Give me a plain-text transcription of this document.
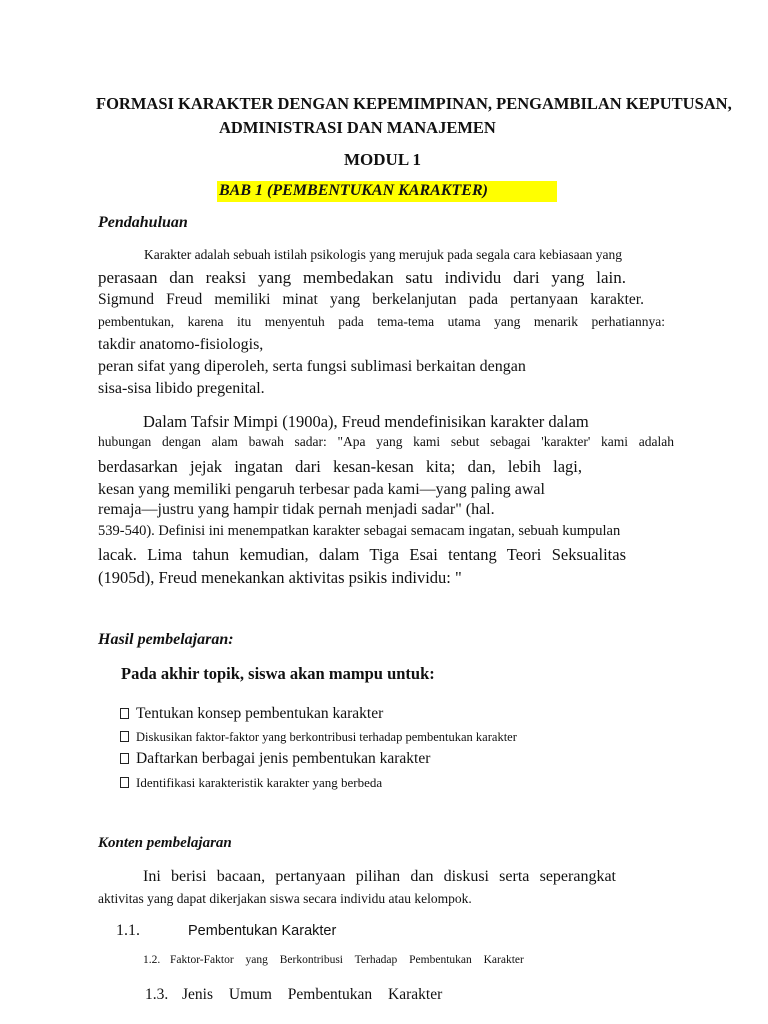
FORMASI KARAKTER DENGAN KEPEMIMPINAN, PENGAMBILAN KEPUTUSAN,
ADMINISTRASI DAN MANAJEMEN
MODUL 1
BAB 1 (PEMBENTUKAN KARAKTER)
Pendahuluan
Karakter adalah sebuah istilah psikologis yang merujuk pada segala cara kebiasaan yang
perasaan dan reaksi yang membedakan satu individu dari yang lain.
Sigmund Freud memiliki minat yang berkelanjutan pada pertanyaan karakter.
pembentukan, karena itu menyentuh pada tema-tema utama yang menarik perhatiannya:
takdir anatomo-fisiologis,
peran sifat yang diperoleh, serta fungsi sublimasi berkaitan dengan
sisa-sisa libido pregenital.
Dalam Tafsir Mimpi (1900a), Freud mendefinisikan karakter dalam
hubungan dengan alam bawah sadar: "Apa yang kami sebut sebagai 'karakter' kami adalah
berdasarkan jejak ingatan dari kesan-kesan kita; dan, lebih lagi,
kesan yang memiliki pengaruh terbesar pada kami—yang paling awal
remaja—justru yang hampir tidak pernah menjadi sadar" (hal.
539-540). Definisi ini menempatkan karakter sebagai semacam ingatan, sebuah kumpulan
lacak. Lima tahun kemudian, dalam Tiga Esai tentang Teori Seksualitas
(1905d), Freud menekankan aktivitas psikis individu: "
Hasil pembelajaran:
Pada akhir topik, siswa akan mampu untuk:
Tentukan konsep pembentukan karakter
Diskusikan faktor-faktor yang berkontribusi terhadap pembentukan karakter
Daftarkan berbagai jenis pembentukan karakter
Identifikasi karakteristik karakter yang berbeda
Konten pembelajaran
Ini berisi bacaan, pertanyaan pilihan dan diskusi serta seperangkat
aktivitas yang dapat dikerjakan siswa secara individu atau kelompok.
1.1.	Pembentukan Karakter
1.2. Faktor-Faktor yang Berkontribusi Terhadap Pembentukan Karakter
1.3. Jenis Umum Pembentukan Karakter
